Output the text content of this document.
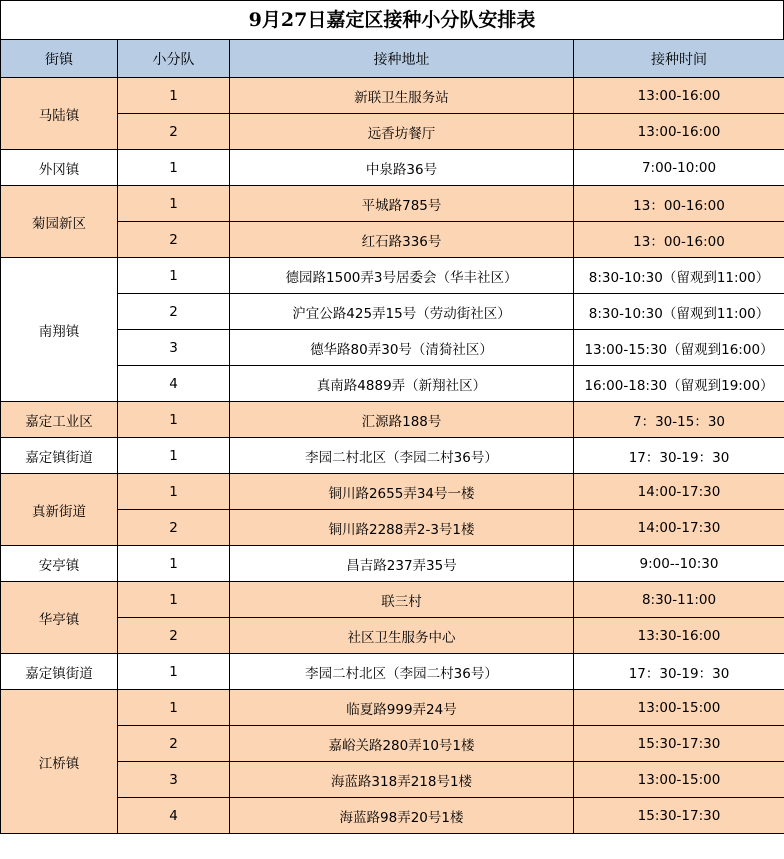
9月27日嘉定区接种小分队安排表
街镇	小分队	接种地址	接种时间
马陆镇	1	新联卫生服务站	13:00-16:00
	2	远香坊餐厅	13:00-16:00
外冈镇	1	中泉路36号	7:00-10:00
菊园新区	1	平城路785号	13：00-16:00
	2	红石路336号	13：00-16:00
南翔镇	1	德园路1500弄3号居委会（华丰社区）	8:30-10:30（留观到11:00）
	2	沪宜公路425弄15号（劳动街社区）	8:30-10:30（留观到11:00）
	3	德华路80弄30号（清猗社区）	13:00-15:30（留观到16:00）
	4	真南路4889弄（新翔社区）	16:00-18:30（留观到19:00）
嘉定工业区	1	汇源路188号	7：30-15：30
嘉定镇街道	1	李园二村北区（李园二村36号）	17：30-19：30
真新街道	1	铜川路2655弄34号一楼	14:00-17:30
	2	铜川路2288弄2-3号1楼	14:00-17:30
安亭镇	1	昌吉路237弄35号	9:00--10:30
华亭镇	1	联三村	8:30-11:00
	2	社区卫生服务中心	13:30-16:00
嘉定镇街道	1	李园二村北区（李园二村36号）	17：30-19：30
江桥镇	1	临夏路999弄24号	13:00-15:00
	2	嘉峪关路280弄10号1楼	15:30-17:30
	3	海蓝路318弄218号1楼	13:00-15:00
	4	海蓝路98弄20号1楼	15:30-17:30
